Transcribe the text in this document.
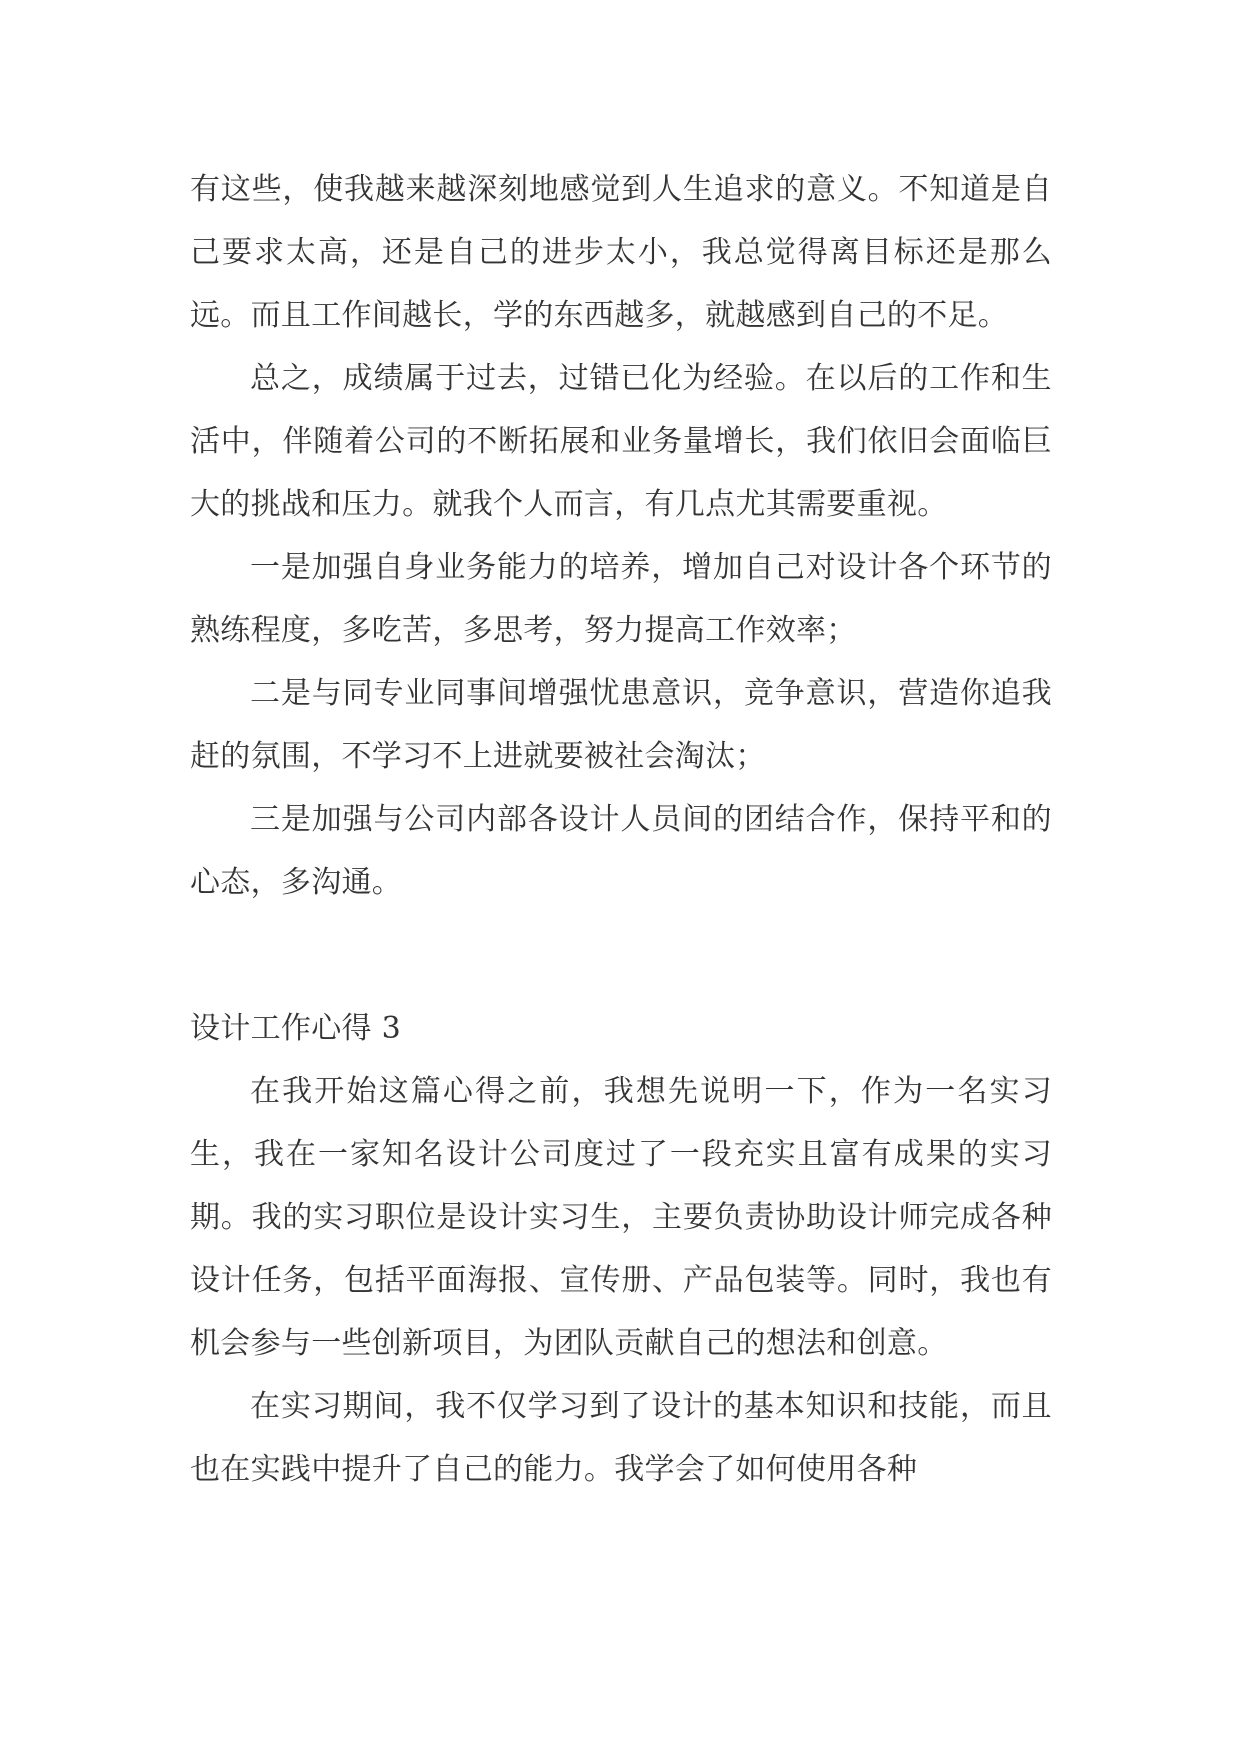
有这些，使我越来越深刻地感觉到人生追求的意义。不知道是自己要求太高，还是自己的进步太小，我总觉得离目标还是那么远。而且工作间越长，学的东西越多，就越感到自己的不足。

总之，成绩属于过去，过错已化为经验。在以后的工作和生活中，伴随着公司的不断拓展和业务量增长，我们依旧会面临巨大的挑战和压力。就我个人而言，有几点尤其需要重视。

一是加强自身业务能力的培养，增加自己对设计各个环节的熟练程度，多吃苦，多思考，努力提高工作效率；

二是与同专业同事间增强忧患意识，竞争意识，营造你追我赶的氛围，不学习不上进就要被社会淘汰；

三是加强与公司内部各设计人员间的团结合作，保持平和的心态，多沟通。

设计工作心得 3

在我开始这篇心得之前，我想先说明一下，作为一名实习生，我在一家知名设计公司度过了一段充实且富有成果的实习期。我的实习职位是设计实习生，主要负责协助设计师完成各种设计任务，包括平面海报、宣传册、产品包装等。同时，我也有机会参与一些创新项目，为团队贡献自己的想法和创意。

在实习期间，我不仅学习到了设计的基本知识和技能，而且也在实践中提升了自己的能力。我学会了如何使用各种
